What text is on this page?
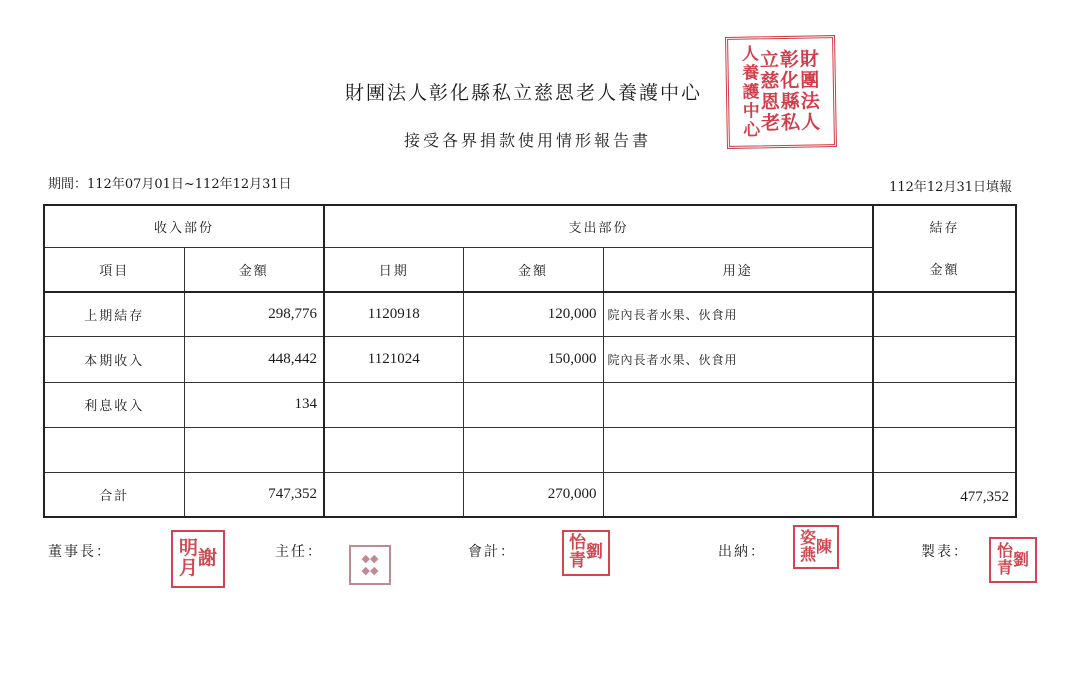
財團法人彰化縣私立慈恩老人養護中心
接受各界捐款使用情形報告書
財
團
法
人
彰
化
縣
私
立
慈
恩
老
人
養
護
中
心
期間：112年07月01日~112年12月31日	112年12月31日填報
收入部份		支出部份			結存
項目	金額	日期	金額	用途	金額
上期結存	298,776	1120918	120,000	院內長者水果、伙食用	
本期收入	448,442	1121024	150,000	院內長者水果、伙食用	
利息收入	134				

合計	747,352		270,000		477,352
董事長：	謝
明
月
主任：	◆
◆
◆
◆
會計：	劉
怡
青	出納：	陳
姿
燕	製表：	劉
怡
青
